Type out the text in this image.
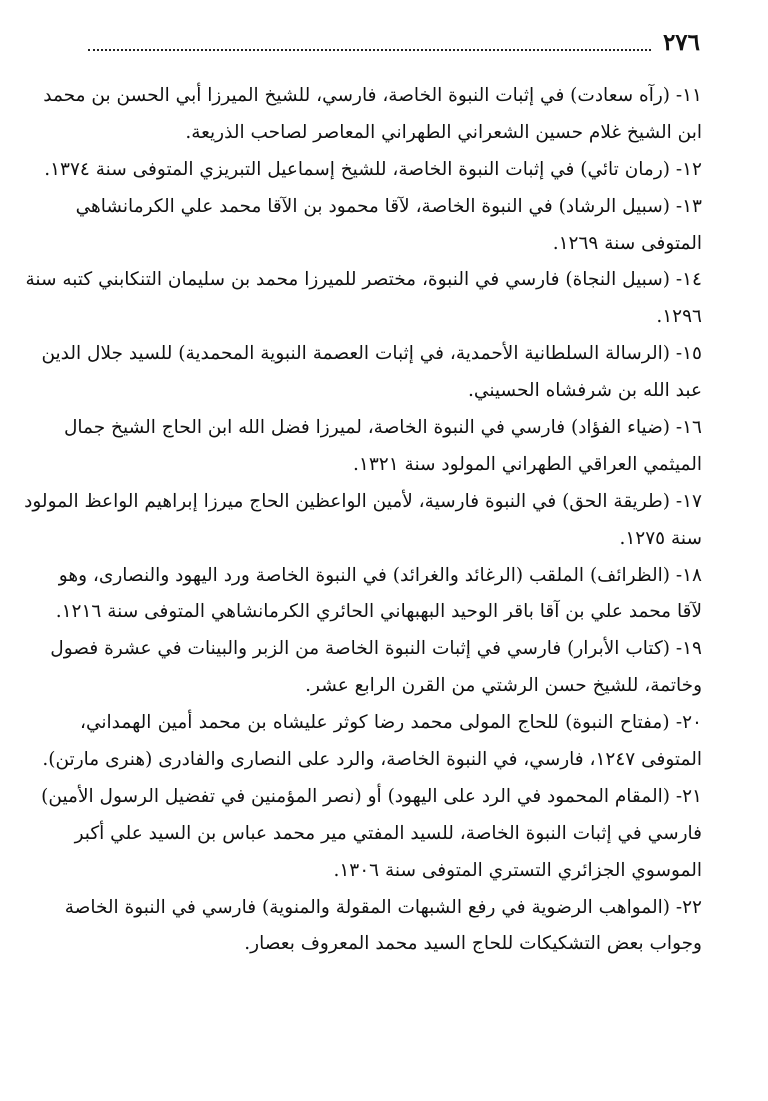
٢٧٦
١١- (رآه سعادت) في إثبات النبوة الخاصة، فارسي، للشيخ الميرزا أبي الحسن بن محمد
ابن الشيخ غلام حسين الشعراني الطهراني المعاصر لصاحب الذريعة.
١٢- (رمان تائي) في إثبات النبوة الخاصة، للشيخ إسماعيل التبريزي المتوفى سنة ١٣٧٤.
١٣- (سبيل الرشاد) في النبوة الخاصة، لآقا محمود بن الآقا محمد علي الكرمانشاهي
المتوفى سنة ١٢٦٩.
١٤- (سبيل النجاة) فارسي في النبوة، مختصر للميرزا محمد بن سليمان التنكابني كتبه سنة
١٢٩٦.
١٥- (الرسالة السلطانية الأحمدية، في إثبات العصمة النبوية المحمدية) للسيد جلال الدين
عبد الله بن شرفشاه الحسيني.
١٦- (ضياء الفؤاد) فارسي في النبوة الخاصة، لميرزا فضل الله ابن الحاج الشيخ جمال
الميثمي العراقي الطهراني المولود سنة ١٣٢١.
١٧- (طريقة الحق) في النبوة فارسية، لأمين الواعظين الحاج ميرزا إبراهيم الواعظ المولود
سنة ١٢٧٥.
١٨- (الظرائف) الملقب (الرغائد والغرائد) في النبوة الخاصة ورد اليهود والنصارى، وهو
لآقا محمد علي بن آقا باقر الوحيد البهبهاني الحائري الكرمانشاهي المتوفى سنة ١٢١٦.
١٩- (كتاب الأبرار) فارسي في إثبات النبوة الخاصة من الزبر والبينات في عشرة فصول
وخاتمة، للشيخ حسن الرشتي من القرن الرابع عشر.
٢٠- (مفتاح النبوة) للحاج المولى محمد رضا كوثر عليشاه بن محمد أمين الهمداني،
المتوفى ١٢٤٧، فارسي، في النبوة الخاصة، والرد على النصارى والفادرى (هنرى مارتن).
٢١- (المقام المحمود في الرد على اليهود) أو (نصر المؤمنين في تفضيل الرسول الأمين)
فارسي في إثبات النبوة الخاصة، للسيد المفتي مير محمد عباس بن السيد علي أكبر
الموسوي الجزائري التستري المتوفى سنة ١٣٠٦.
٢٢- (المواهب الرضوية في رفع الشبهات المقولة والمنوية) فارسي في النبوة الخاصة
وجواب بعض التشكيكات للحاج السيد محمد المعروف بعصار.
